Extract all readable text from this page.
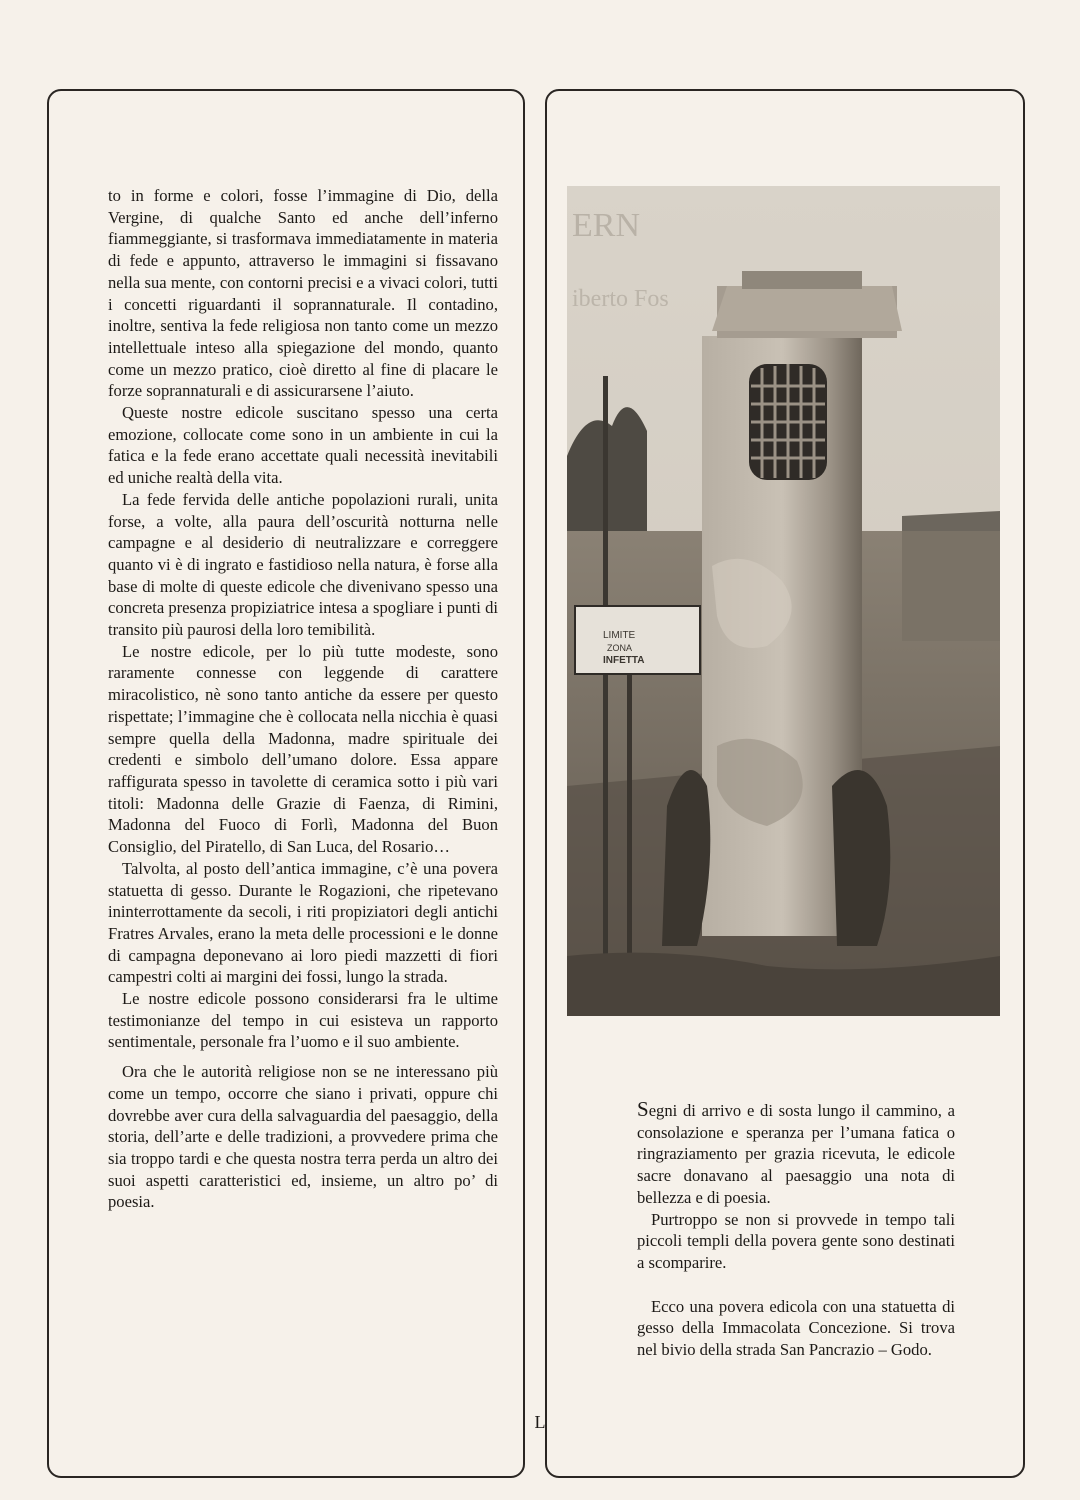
to in forme e colori, fosse l’immagine di Dio, della Vergine, di qualche Santo ed anche dell’inferno fiammeggiante, si trasformava immediatamente in materia di fede e appunto, attraverso le immagini si fissavano nella sua mente, con contorni precisi e a vivaci colori, tutti i concetti riguardanti il soprannaturale. Il contadino, inoltre, sentiva la fede religiosa non tanto come un mezzo intellettuale inteso alla spiegazione del mondo, quanto come un mezzo pratico, cioè diretto al fine di placare le forze soprannaturali e di assicurarsene l’aiuto.

Queste nostre edicole suscitano spesso una certa emozione, collocate come sono in un ambiente in cui la fatica e la fede erano accettate quali necessità inevitabili ed uniche realtà della vita.

La fede fervida delle antiche popolazioni rurali, unita forse, a volte, alla paura dell’oscurità notturna nelle campagne e al desiderio di neutralizzare e correggere quanto vi è di ingrato e fastidioso nella natura, è forse alla base di molte di queste edicole che divenivano spesso una concreta presenza propiziatrice intesa a spogliare i punti di transito più paurosi della loro temibilità.

Le nostre edicole, per lo più tutte modeste, sono raramente connesse con leggende di carattere miracolistico, nè sono tanto antiche da essere per questo rispettate; l’immagine che è collocata nella nicchia è quasi sempre quella della Madonna, madre spirituale dei credenti e simbolo dell’umano dolore. Essa appare raffigurata spesso in tavolette di ceramica sotto i più vari titoli: Madonna delle Grazie di Faenza, di Rimini, Madonna del Fuoco di Forlì, Madonna del Buon Consiglio, del Piratello, di San Luca, del Rosario…

Talvolta, al posto dell’antica immagine, c’è una povera statuetta di gesso. Durante le Rogazioni, che ripetevano ininterrottamente da secoli, i riti propiziatori degli antichi Fratres Arvales, erano la meta delle processioni e le donne di campagna deponevano ai loro piedi mazzetti di fiori campestri colti ai margini dei fossi, lungo la strada.

Le nostre edicole possono considerarsi fra le ultime testimonianze del tempo in cui esisteva un rapporto sentimentale, personale fra l’uomo e il suo ambiente.

Ora che le autorità religiose non se ne interessano più come un tempo, occorre che siano i privati, oppure chi dovrebbe aver cura della salvaguardia del paesaggio, della storia, dell’arte e delle tradizioni, a provvedere prima che sia troppo tardi e che questa nostra terra perda un altro dei suoi aspetti caratteristici ed, insieme, un altro po’ di poesia.

ERN
iberto Fos
LIMITE
ZONA
INFETTA

Segni di arrivo e di sosta lungo il cammino, a consolazione e speranza per l’umana fatica o ringraziamento per grazia ricevuta, le edicole sacre donavano al paesaggio una nota di bellezza e di poesia.

Purtroppo se non si provvede in tempo tali piccoli templi della povera gente sono destinati a scomparire.

Ecco una povera edicola con una statuetta di gesso della Immacolata Concezione. Si trova nel bivio della strada San Pancrazio – Godo.

L
